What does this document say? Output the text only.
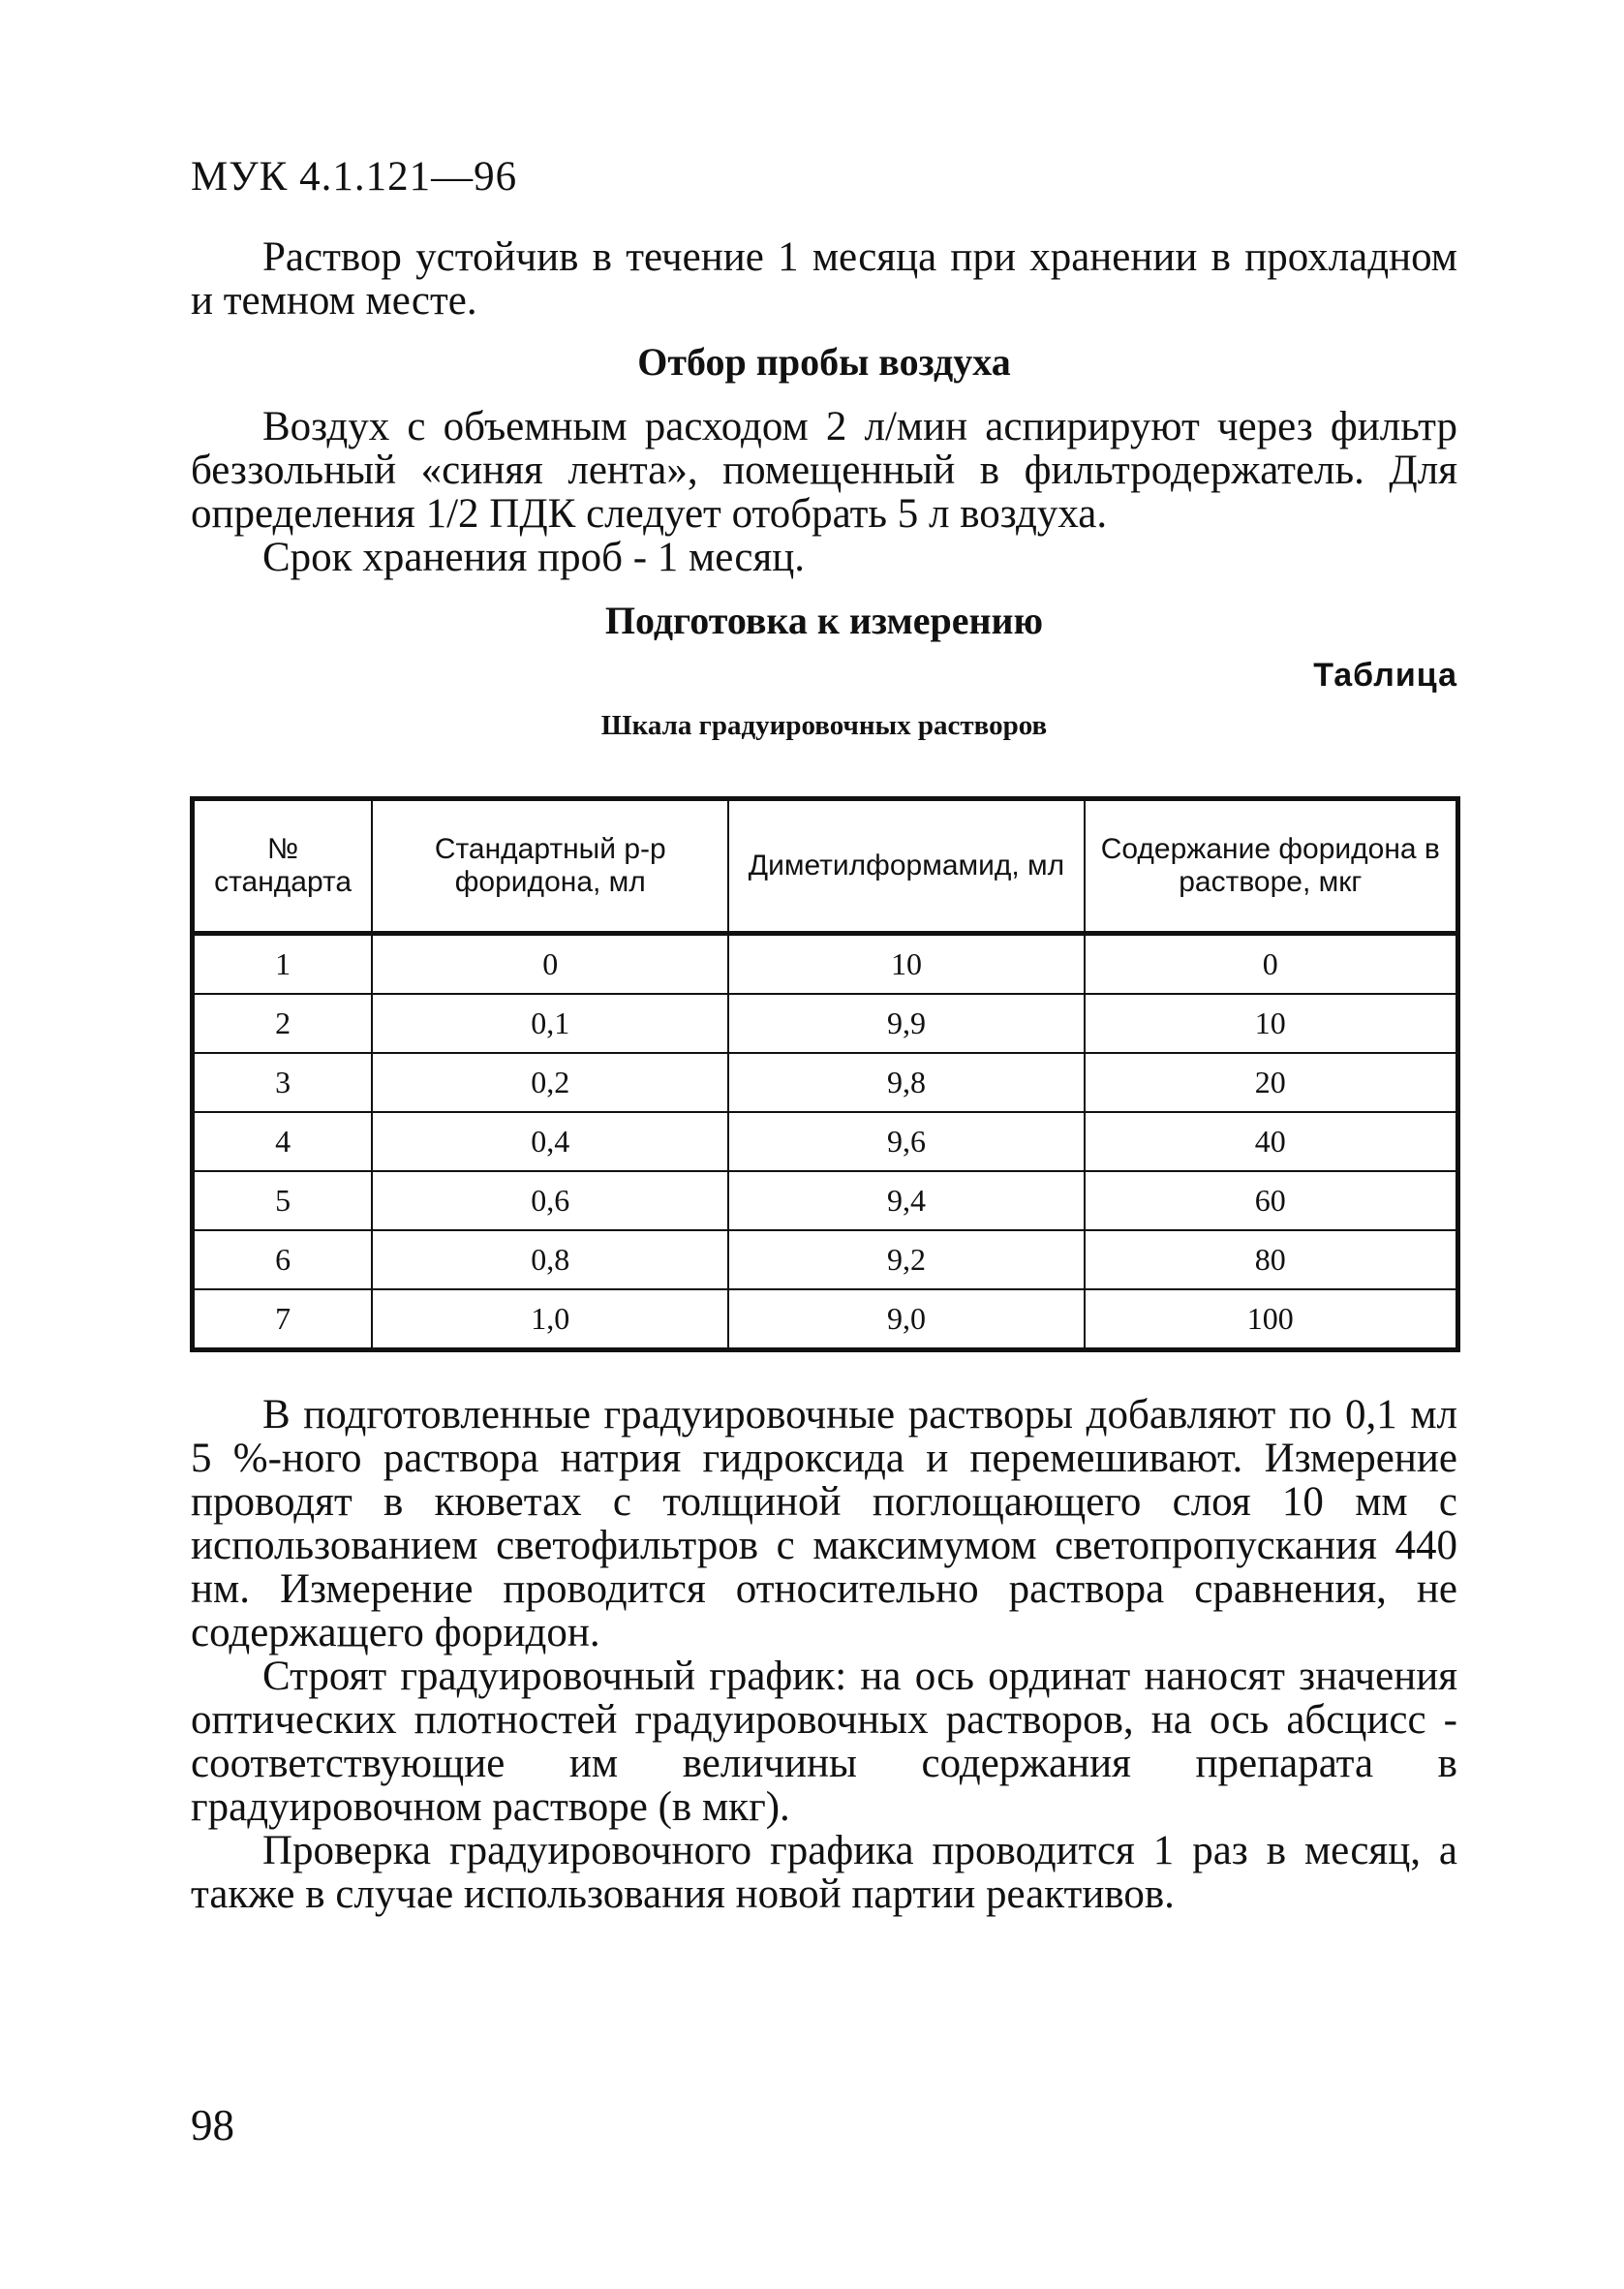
МУК 4.1.121—96

Раствор устойчив в течение 1 месяца при хранении в прохладном и темном месте.

Отбор пробы воздуха

Воздух с объемным расходом 2 л/мин аспирируют через фильтр беззольный «синяя лента», помещенный в фильтродержатель. Для определения 1/2 ПДК следует отобрать 5 л воздуха.

Срок хранения проб - 1 месяц.

Подготовка к измерению
Таблица
Шкала градуировочных растворов
№ стандарта	Стандартный р-р форидона, мл	Диметилформамид, мл	Содержание форидона в растворе, мкг
1	0	10	0
2	0,1	9,9	10
3	0,2	9,8	20
4	0,4	9,6	40
5	0,6	9,4	60
6	0,8	9,2	80
7	1,0	9,0	100

В подготовленные градуировочные растворы добавляют по 0,1 мл 5 %-ного раствора натрия гидроксида и перемешивают. Измерение проводят в кюветах с толщиной поглощающего слоя 10 мм с использованием светофильтров с максимумом светопропускания 440 нм. Измерение проводится относительно раствора сравнения, не содержащего форидон.

Строят градуировочный график: на ось ординат наносят значения оптических плотностей градуировочных растворов, на ось абсцисс - соответствующие им величины содержания препарата в градуировочном растворе (в мкг).

Проверка градуировочного графика проводится 1 раз в месяц, а также в случае использования новой партии реактивов.

98
